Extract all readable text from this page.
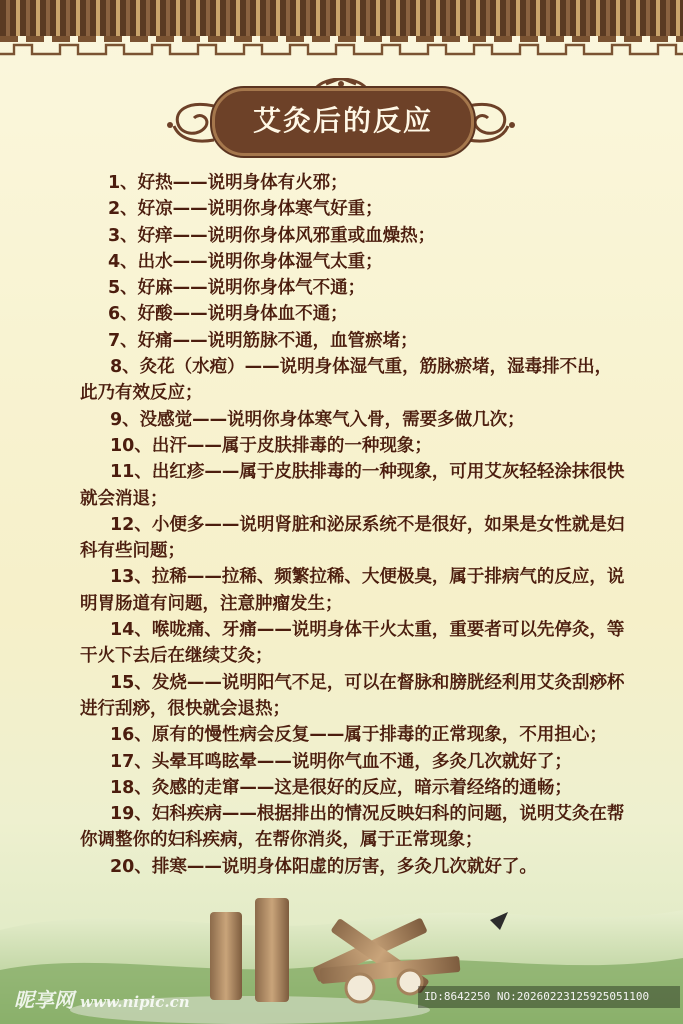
艾灸后的反应

1、好热——说明身体有火邪；

2、好凉——说明你身体寒气好重；

3、好痒——说明你身体风邪重或血燥热；

4、出水——说明你身体湿气太重；

5、好麻——说明你身体气不通；

6、好酸——说明身体血不通；

7、好痛——说明筋脉不通，血管瘀堵；

8、灸花（水疱）——说明身体湿气重，筋脉瘀堵，湿毒排不出，此乃有效反应；

9、没感觉——说明你身体寒气入骨，需要多做几次；

10、出汗——属于皮肤排毒的一种现象；

11、出红疹——属于皮肤排毒的一种现象，可用艾灰轻轻涂抹很快就会消退；

12、小便多——说明肾脏和泌尿系统不是很好，如果是女性就是妇科有些问题；

13、拉稀——拉稀、频繁拉稀、大便极臭，属于排病气的反应，说明胃肠道有问题，注意肿瘤发生；

14、喉咙痛、牙痛——说明身体干火太重，重要者可以先停灸，等干火下去后在继续艾灸；

15、发烧——说明阳气不足，可以在督脉和膀胱经利用艾灸刮痧杯进行刮痧，很快就会退热；

16、原有的慢性病会反复——属于排毒的正常现象，不用担心；

17、头晕耳鸣眩晕——说明你气血不通，多灸几次就好了；

18、灸感的走窜——这是很好的反应，暗示着经络的通畅；

19、妇科疾病——根据排出的情况反映妇科的问题，说明艾灸在帮你调整你的妇科疾病，在帮你消炎，属于正常现象；

20、排寒——说明身体阳虚的厉害，多灸几次就好了。

昵享网 www.nipic.cn	ID:8642250 NO:20260223125925051100
